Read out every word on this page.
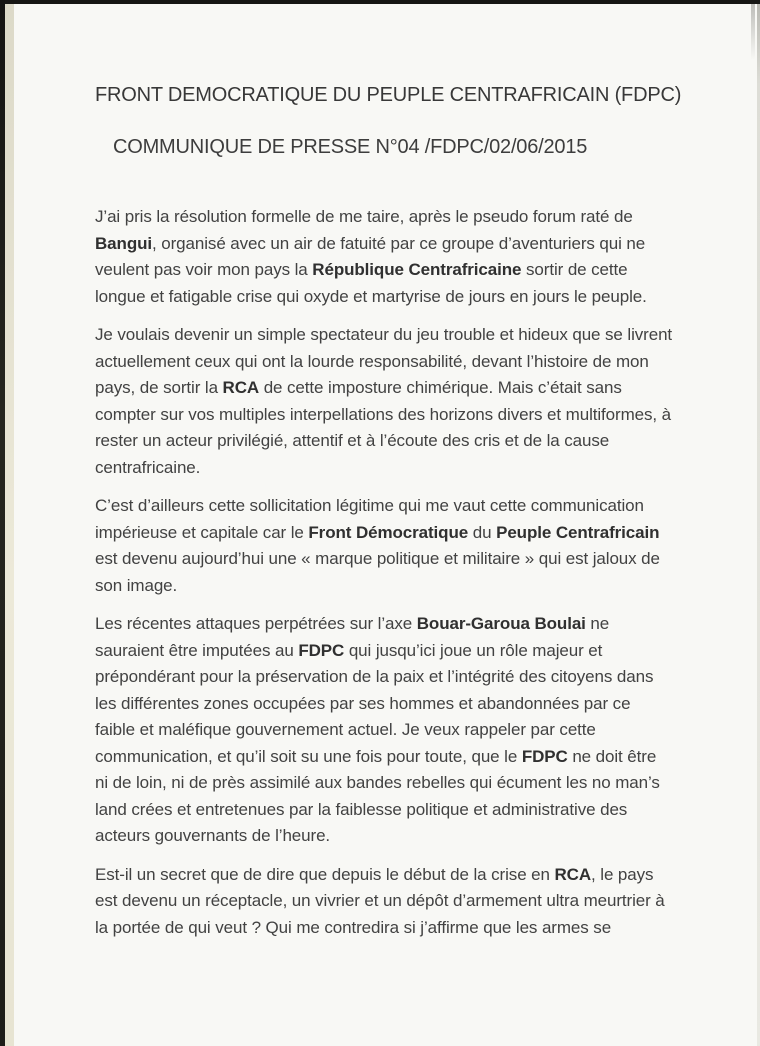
FRONT DEMOCRATIQUE DU PEUPLE CENTRAFRICAIN (FDPC)
COMMUNIQUE DE PRESSE N°04 /FDPC/02/06/2015

J’ai pris la résolution formelle de me taire, après le pseudo forum raté de Bangui, organisé avec un air de fatuité par ce groupe d’aventuriers qui ne veulent pas voir mon pays la République Centrafricaine sortir de cette longue et fatigable crise qui oxyde et martyrise de jours en jours le peuple.

Je voulais devenir un simple spectateur du jeu trouble et hideux que se livrent actuellement ceux qui ont la lourde responsabilité, devant l’histoire de mon pays, de sortir la RCA de cette imposture chimérique. Mais c’était sans compter sur vos multiples interpellations des horizons divers et multiformes, à rester un acteur privilégié, attentif et à l’écoute des cris et de la cause centrafricaine.

C’est d’ailleurs cette sollicitation légitime qui me vaut cette communication impérieuse et capitale car le Front Démocratique du Peuple Centrafricain est devenu aujourd’hui une « marque politique et militaire » qui est jaloux de son image.

Les récentes attaques perpétrées sur l’axe Bouar-Garoua Boulai ne sauraient être imputées au FDPC qui jusqu’ici joue un rôle majeur et prépondérant pour la préservation de la paix et l’intégrité des citoyens dans les différentes zones occupées par ses hommes et abandonnées par ce faible et maléfique gouvernement actuel. Je veux rappeler par cette communication, et qu’il soit su une fois pour toute, que le FDPC ne doit être ni de loin, ni de près assimilé aux bandes rebelles qui écument les no man’s land crées et entretenues par la faiblesse politique et administrative des acteurs gouvernants de l’heure.

Est-il un secret que de dire que depuis le début de la crise en RCA, le pays est devenu un réceptacle, un vivrier et un dépôt d’armement ultra meurtrier à la portée de qui veut ? Qui me contredira si j’affirme que les armes se
